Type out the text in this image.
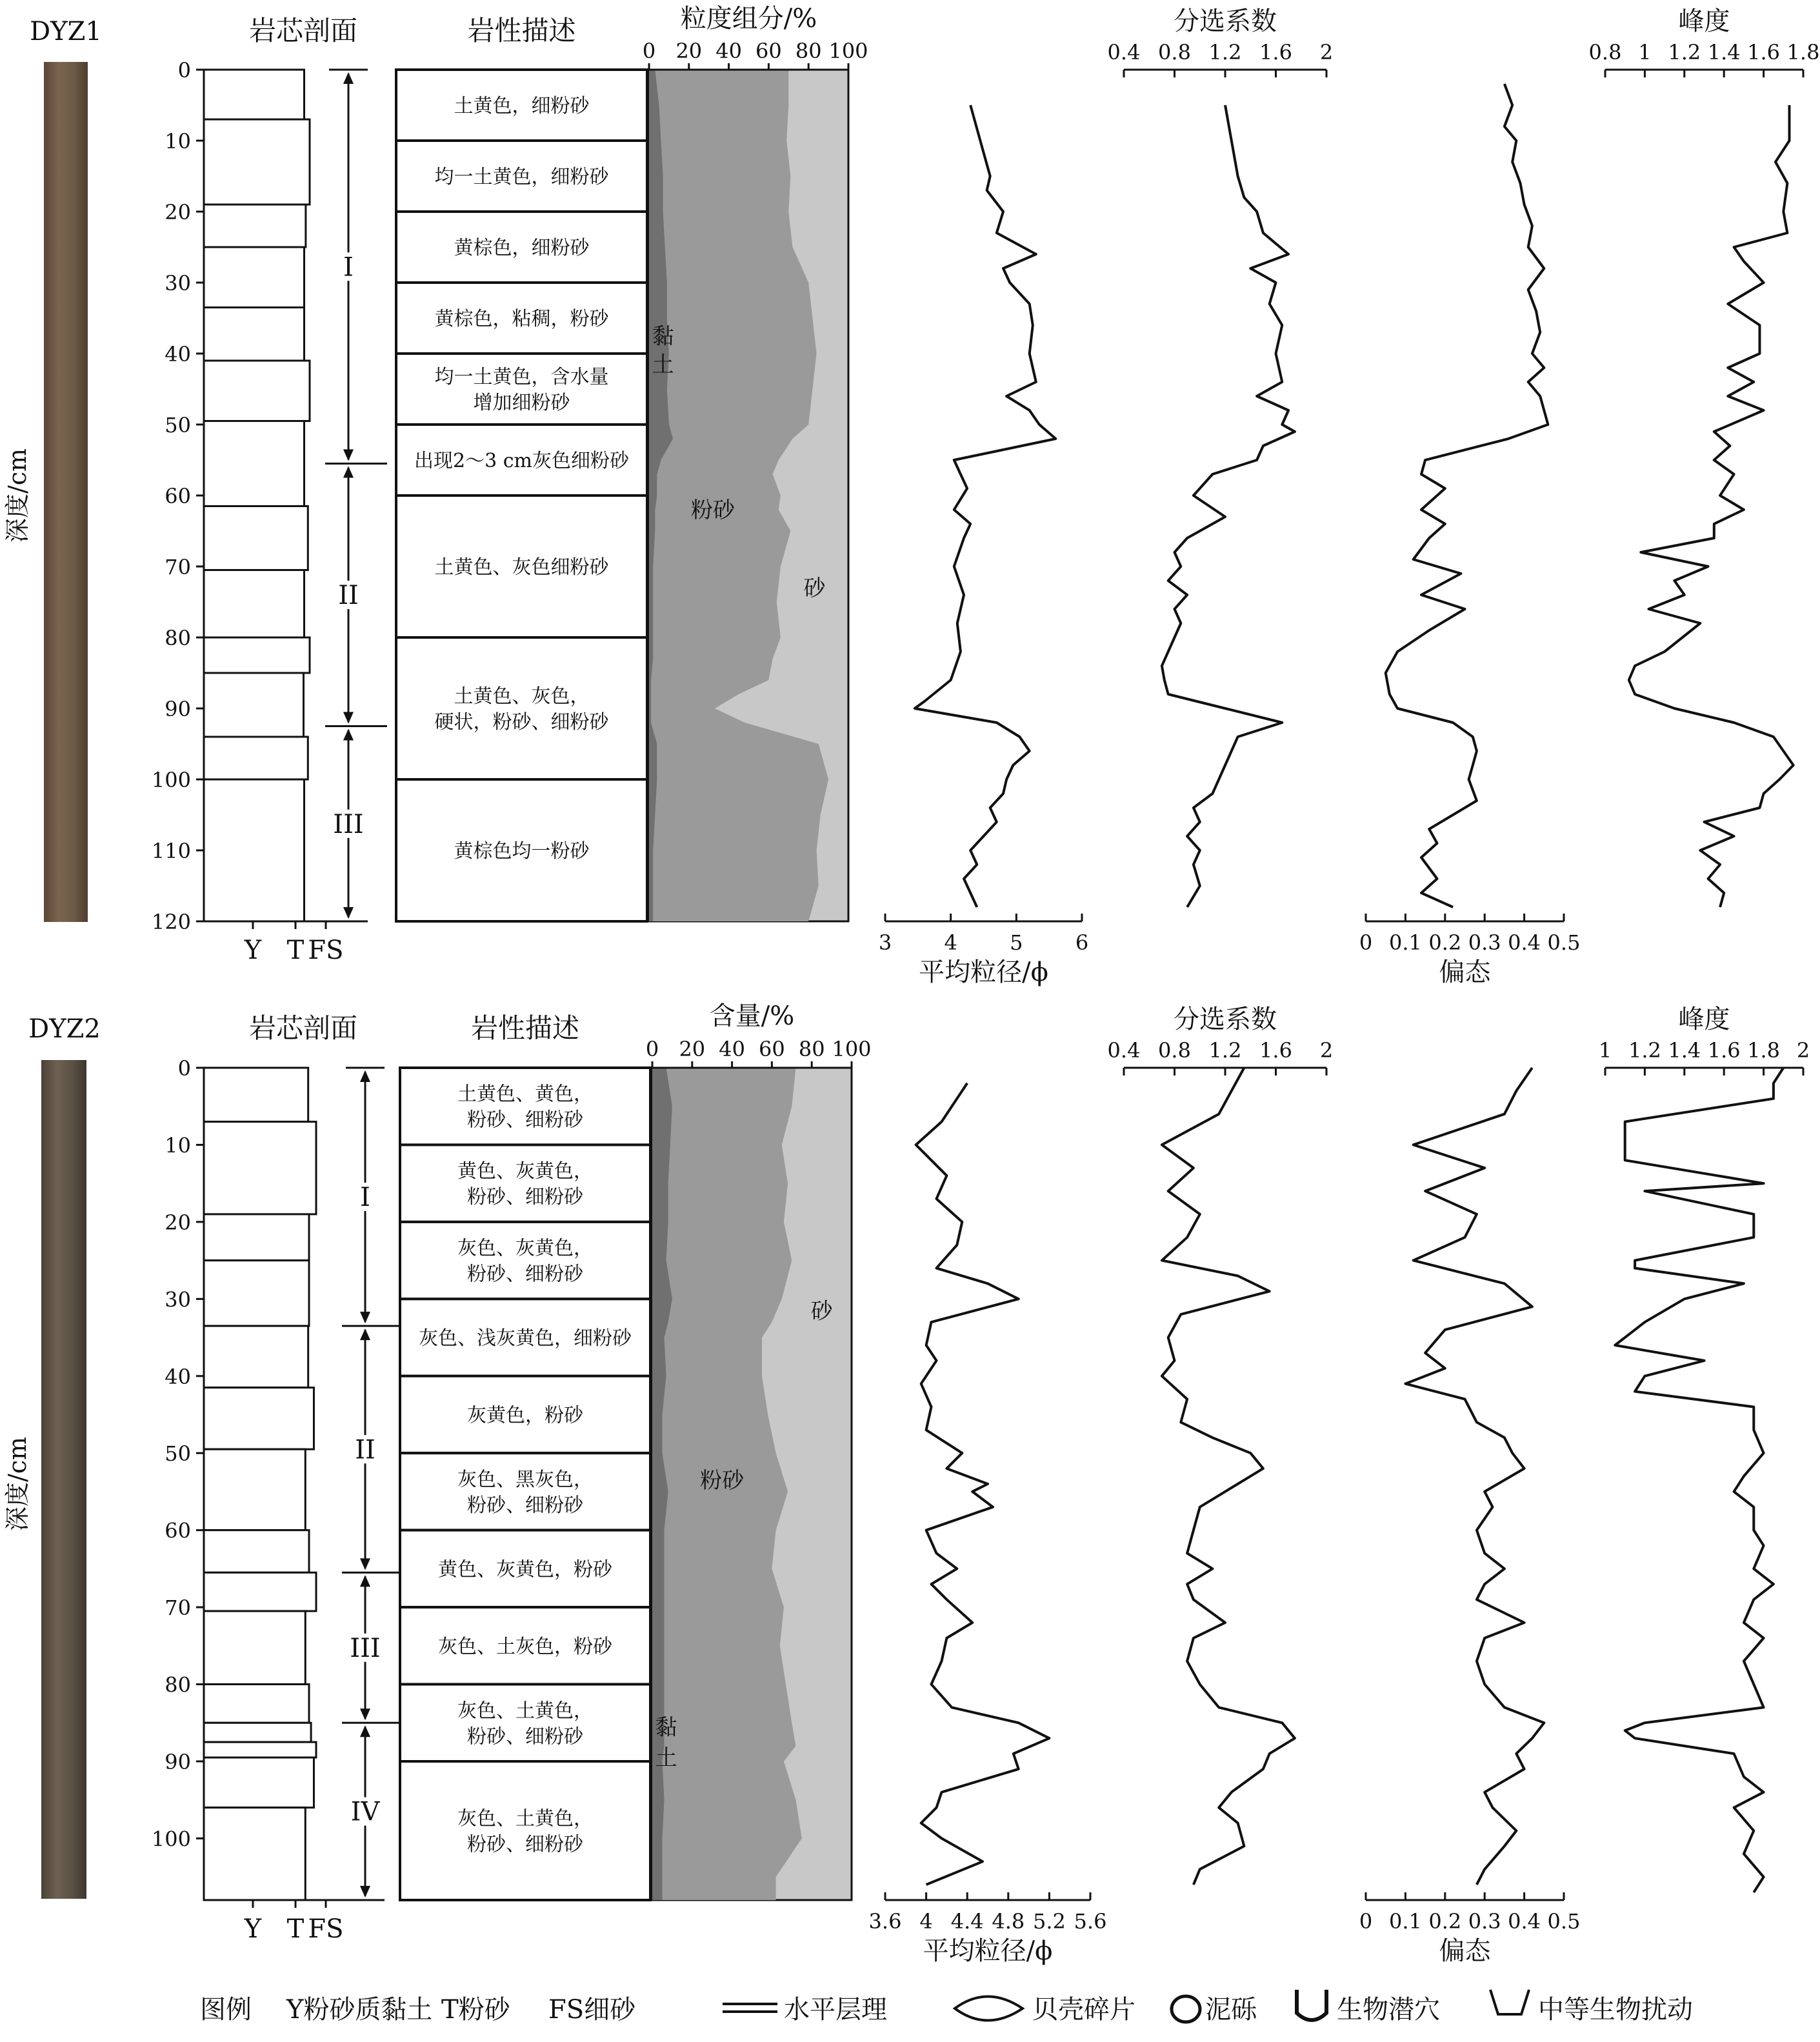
DYZ1
深度/cm
岩芯剖面	岩性描述	粒度组分/%
0
10
20
30
40
50
60
70
80
90
100
110
120
Y T FS
I
II
III
土黄色，细粉砂
均一土黄色，细粉砂
黄棕色，细粉砂
黄棕色，粘稠，粉砂
均一土黄色，含水量
增加细粉砂
出现2～3 cm灰色细粉砂
土黄色、灰色细粉砂
土黄色、灰色，
硬状，粉砂、细粉砂
黄棕色均一粉砂
DYZ2
深度/cm
岩芯剖面	岩性描述	含量/%
0
10
20
30
40
50
60
70
80
90
100
Y T FS
I
II
III
IV
土黄色、黄色，
粉砂、细粉砂
黄色、灰黄色，
粉砂、细粉砂
灰色、灰黄色，
粉砂、细粉砂
灰色、浅灰黄色，细粉砂
灰黄色，粉砂
灰色、黑灰色，
粉砂、细粉砂
黄色、灰黄色，粉砂
灰色、土灰色，粉砂
灰色、土黄色，
粉砂、细粉砂
灰色、土黄色，
粉砂、细粉砂
0 20 40 60 80 100
黏
土
粉砂
砂
3	4	5	6
平均粒径/ϕ
0.4 0.8 1.2 1.6 2
分选系数
0 0.1 0.2 0.3 0.4 0.5
偏态
0.8 1 1.2 1.4 1.6 1.8
峰度
0 20 40 60 80 100
砂
粉砂
黏
土
3.6 4 4.4 4.8 5.2 5.6
平均粒径/ϕ
0.4 0.8 1.2 1.6 2
分选系数
0 0.1 0.2 0.3 0.4 0.5
偏态
1 1.2 1.4 1.6 1.8 2
峰度
图例 Y粉砂质黏土 T粉砂 FS细砂	水平层理	贝壳碎片	泥砾	生物潜穴	中等生物扰动
